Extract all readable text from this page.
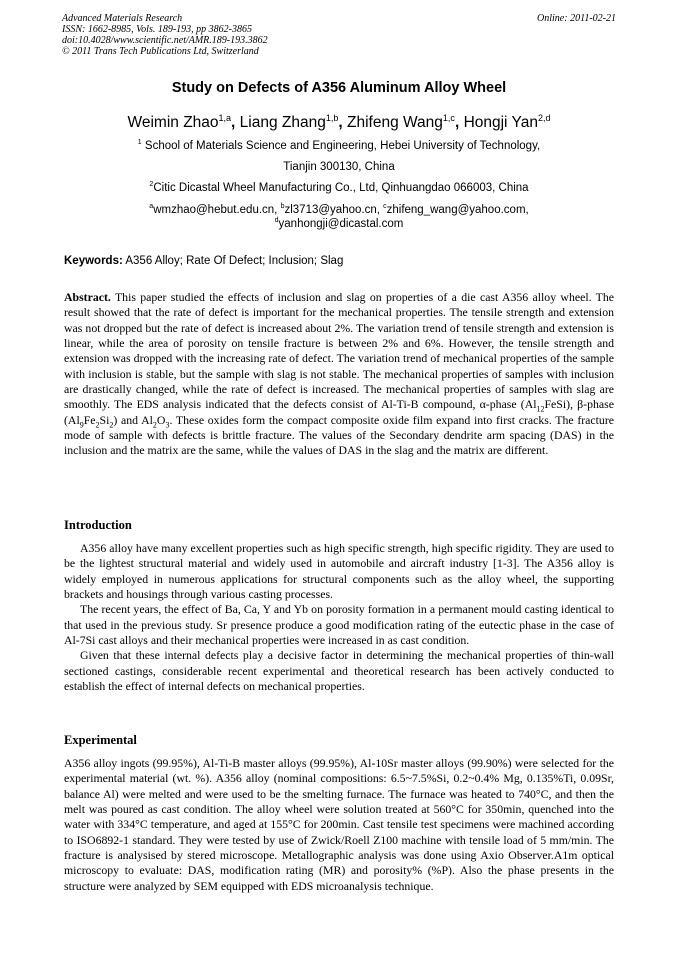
Advanced Materials Research
ISSN: 1662-8985, Vols. 189-193, pp 3862-3865
doi:10.4028/www.scientific.net/AMR.189-193.3862
© 2011 Trans Tech Publications Ltd, Switzerland
Online: 2011-02-21
Study on Defects of A356 Aluminum Alloy Wheel
Weimin Zhao$^{1,a}$, Liang Zhang$^{1,b}$, Zhifeng Wang$^{1,c}$, Hongji Yan$^{2,d}$
$^1$ School of Materials Science and Engineering, Hebei University of Technology,
Tianjin 300130, China
$^2$Citic Dicastal Wheel Manufacturing Co., Ltd, Qinhuangdao 066003, China
$^a$wmzhao@hebut.edu.cn, $^b$zl3713@yahoo.cn, $^c$zhifeng_wang@yahoo.com,
$^d$yanhongji@dicastal.com
Keywords: A356 Alloy; Rate Of Defect; Inclusion; Slag

Abstract. This paper studied the effects of inclusion and slag on properties of a die cast A356 alloy wheel. The result showed that the rate of defect is important for the mechanical properties. The tensile strength and extension was not dropped but the rate of defect is increased about 2%. The variation trend of tensile strength and extension is linear, while the area of porosity on tensile fracture is between 2% and 6%. However, the tensile strength and extension was dropped with the increasing rate of defect. The variation trend of mechanical properties of the sample with inclusion is stable, but the sample with slag is not stable. The mechanical properties of samples with inclusion are drastically changed, while the rate of defect is increased. The mechanical properties of samples with slag are smoothly. The EDS analysis indicated that the defects consist of Al-Ti-B compound, α-phase $(Al_{12}FeSi)$, β-phase $(Al_9Fe_2Si_2)$ and $Al_2O_3$. These oxides form the compact composite oxide film expand into first cracks. The fracture mode of sample with defects is brittle fracture. The values of the Secondary dendrite arm spacing (DAS) in the inclusion and the matrix are the same, while the values of DAS in the slag and the matrix are different.

Introduction

A356 alloy have many excellent properties such as high specific strength, high specific rigidity. They are used to be the lightest structural material and widely used in automobile and aircraft industry [1-3]. The A356 alloy is widely employed in numerous applications for structural components such as the alloy wheel, the supporting brackets and housings through various casting processes.

The recent years, the effect of Ba, Ca, Y and Yb on porosity formation in a permanent mould casting identical to that used in the previous study. Sr presence produce a good modification rating of the eutectic phase in the case of Al-7Si cast alloys and their mechanical properties were increased in as cast condition.

Given that these internal defects play a decisive factor in determining the mechanical properties of thin-wall sectioned castings, considerable recent experimental and theoretical research has been actively conducted to establish the effect of internal defects on mechanical properties.

Experimental

A356 alloy ingots (99.95%), Al-Ti-B master alloys (99.95%), Al-10Sr master alloys (99.90%) were selected for the experimental material (wt. %). A356 alloy (nominal compositions: 6.5~7.5%Si, 0.2~0.4% Mg, 0.135%Ti, 0.09Sr, balance Al) were melted and were used to be the smelting furnace. The furnace was heated to 740°C, and then the melt was poured as cast condition. The alloy wheel were solution treated at 560°C for 350min, quenched into the water with 334°C temperature, and aged at 155°C for 200min. Cast tensile test specimens were machined according to ISO6892-1 standard. They were tested by use of Zwick/Roell Z100 machine with tensile load of 5 mm/min. The fracture is analysised by stered microscope. Metallographic analysis was done using Axio Observer.A1m optical microscopy to evaluate: DAS, modification rating (MR) and porosity% (%P). Also the phase presents in the structure were analyzed by SEM equipped with EDS microanalysis technique.
